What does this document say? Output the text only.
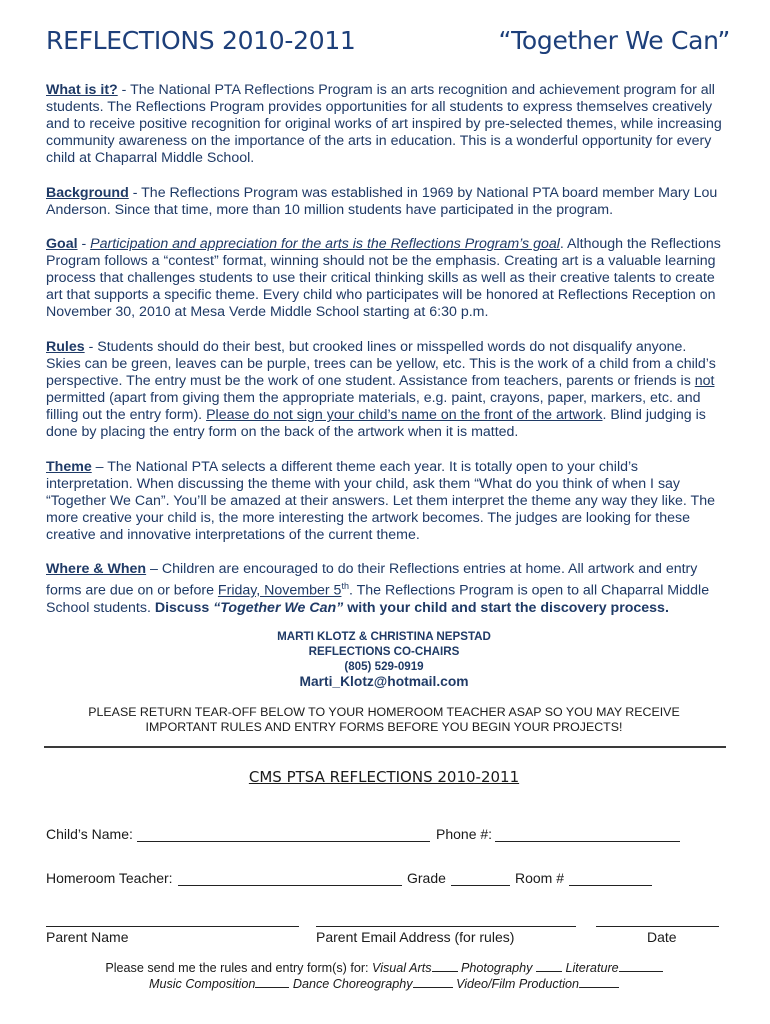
REFLECTIONS 2010-2011	“Together We Can”

What is it? - The National PTA Reflections Program is an arts recognition and achievement program for all students. The Reflections Program provides opportunities for all students to express themselves creatively and to receive positive recognition for original works of art inspired by pre-selected themes, while increasing community awareness on the importance of the arts in education. This is a wonderful opportunity for every child at Chaparral Middle School.

Background - The Reflections Program was established in 1969 by National PTA board member Mary Lou Anderson. Since that time, more than 10 million students have participated in the program.

Goal - Participation and appreciation for the arts is the Reflections Program’s goal. Although the Reflections Program follows a “contest” format, winning should not be the emphasis. Creating art is a valuable learning process that challenges students to use their critical thinking skills as well as their creative talents to create art that supports a specific theme. Every child who participates will be honored at Reflections Reception on November 30, 2010 at Mesa Verde Middle School starting at 6:30 p.m.

Rules - Students should do their best, but crooked lines or misspelled words do not disqualify anyone. Skies can be green, leaves can be purple, trees can be yellow, etc. This is the work of a child from a child’s perspective. The entry must be the work of one student. Assistance from teachers, parents or friends is not permitted (apart from giving them the appropriate materials, e.g. paint, crayons, paper, markers, etc. and filling out the entry form). Please do not sign your child’s name on the front of the artwork. Blind judging is done by placing the entry form on the back of the artwork when it is matted.

Theme – The National PTA selects a different theme each year. It is totally open to your child’s interpretation. When discussing the theme with your child, ask them “What do you think of when I say “Together We Can”. You’ll be amazed at their answers. Let them interpret the theme any way they like. The more creative your child is, the more interesting the artwork becomes. The judges are looking for these creative and innovative interpretations of the current theme.

Where & When – Children are encouraged to do their Reflections entries at home. All artwork and entry forms are due on or before Friday, November 5th. The Reflections Program is open to all Chaparral Middle School students. Discuss “Together We Can” with your child and start the discovery process.

MARTI KLOTZ & CHRISTINA NEPSTAD
REFLECTIONS CO-CHAIRS
(805) 529-0919
Marti_Klotz@hotmail.com
PLEASE RETURN TEAR-OFF BELOW TO YOUR HOMEROOM TEACHER ASAP SO YOU MAY RECEIVE
IMPORTANT RULES AND ENTRY FORMS BEFORE YOU BEGIN YOUR PROJECTS!
CMS PTSA REFLECTIONS 2010-2011
Child’s Name:	Phone #:
Homeroom Teacher:	Grade	Room #
Parent Name	Parent Email Address (for rules)	Date
Please send me the rules and entry form(s) for: Visual Arts Photography	Literature
Music Composition	Dance Choreography	Video/Film Production
